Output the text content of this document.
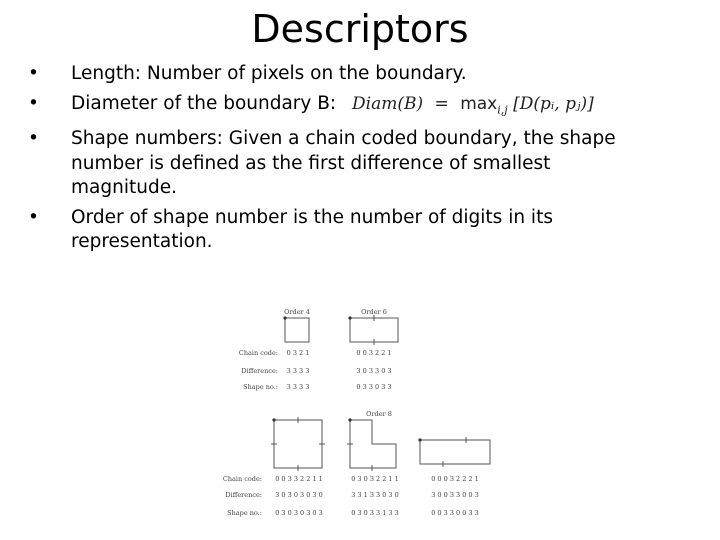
Descriptors
• Length: Number of pixels on the boundary.
• Diameter of the boundary B: Diam(B) = $\max_{i,j}$ [D(pᵢ, pⱼ)]
• Shape numbers: Given a chain coded boundary, the shape number is defined as the first difference of smallest magnitude.
• Order of shape number is the number of digits in its representation.
Order 4	Order 6
Chain code:
Difference:
Shape no.:
0 3 2 1
3 3 3 3
3 3 3 3
0 0 3 2 2 1
3 0 3 3 0 3
0 3 3 0 3 3
Order 8
Chain code:
Difference:
Shape no.:
0 0 3 3 2 2 1 1
3 0 3 0 3 0 3 0
0 3 0 3 0 3 0 3
0 3 0 3 2 2 1 1
3 3 1 3 3 0 3 0
0 3 0 3 3 1 3 3
0 0 0 3 2 2 2 1
3 0 0 3 3 0 0 3
0 0 3 3 0 0 3 3
